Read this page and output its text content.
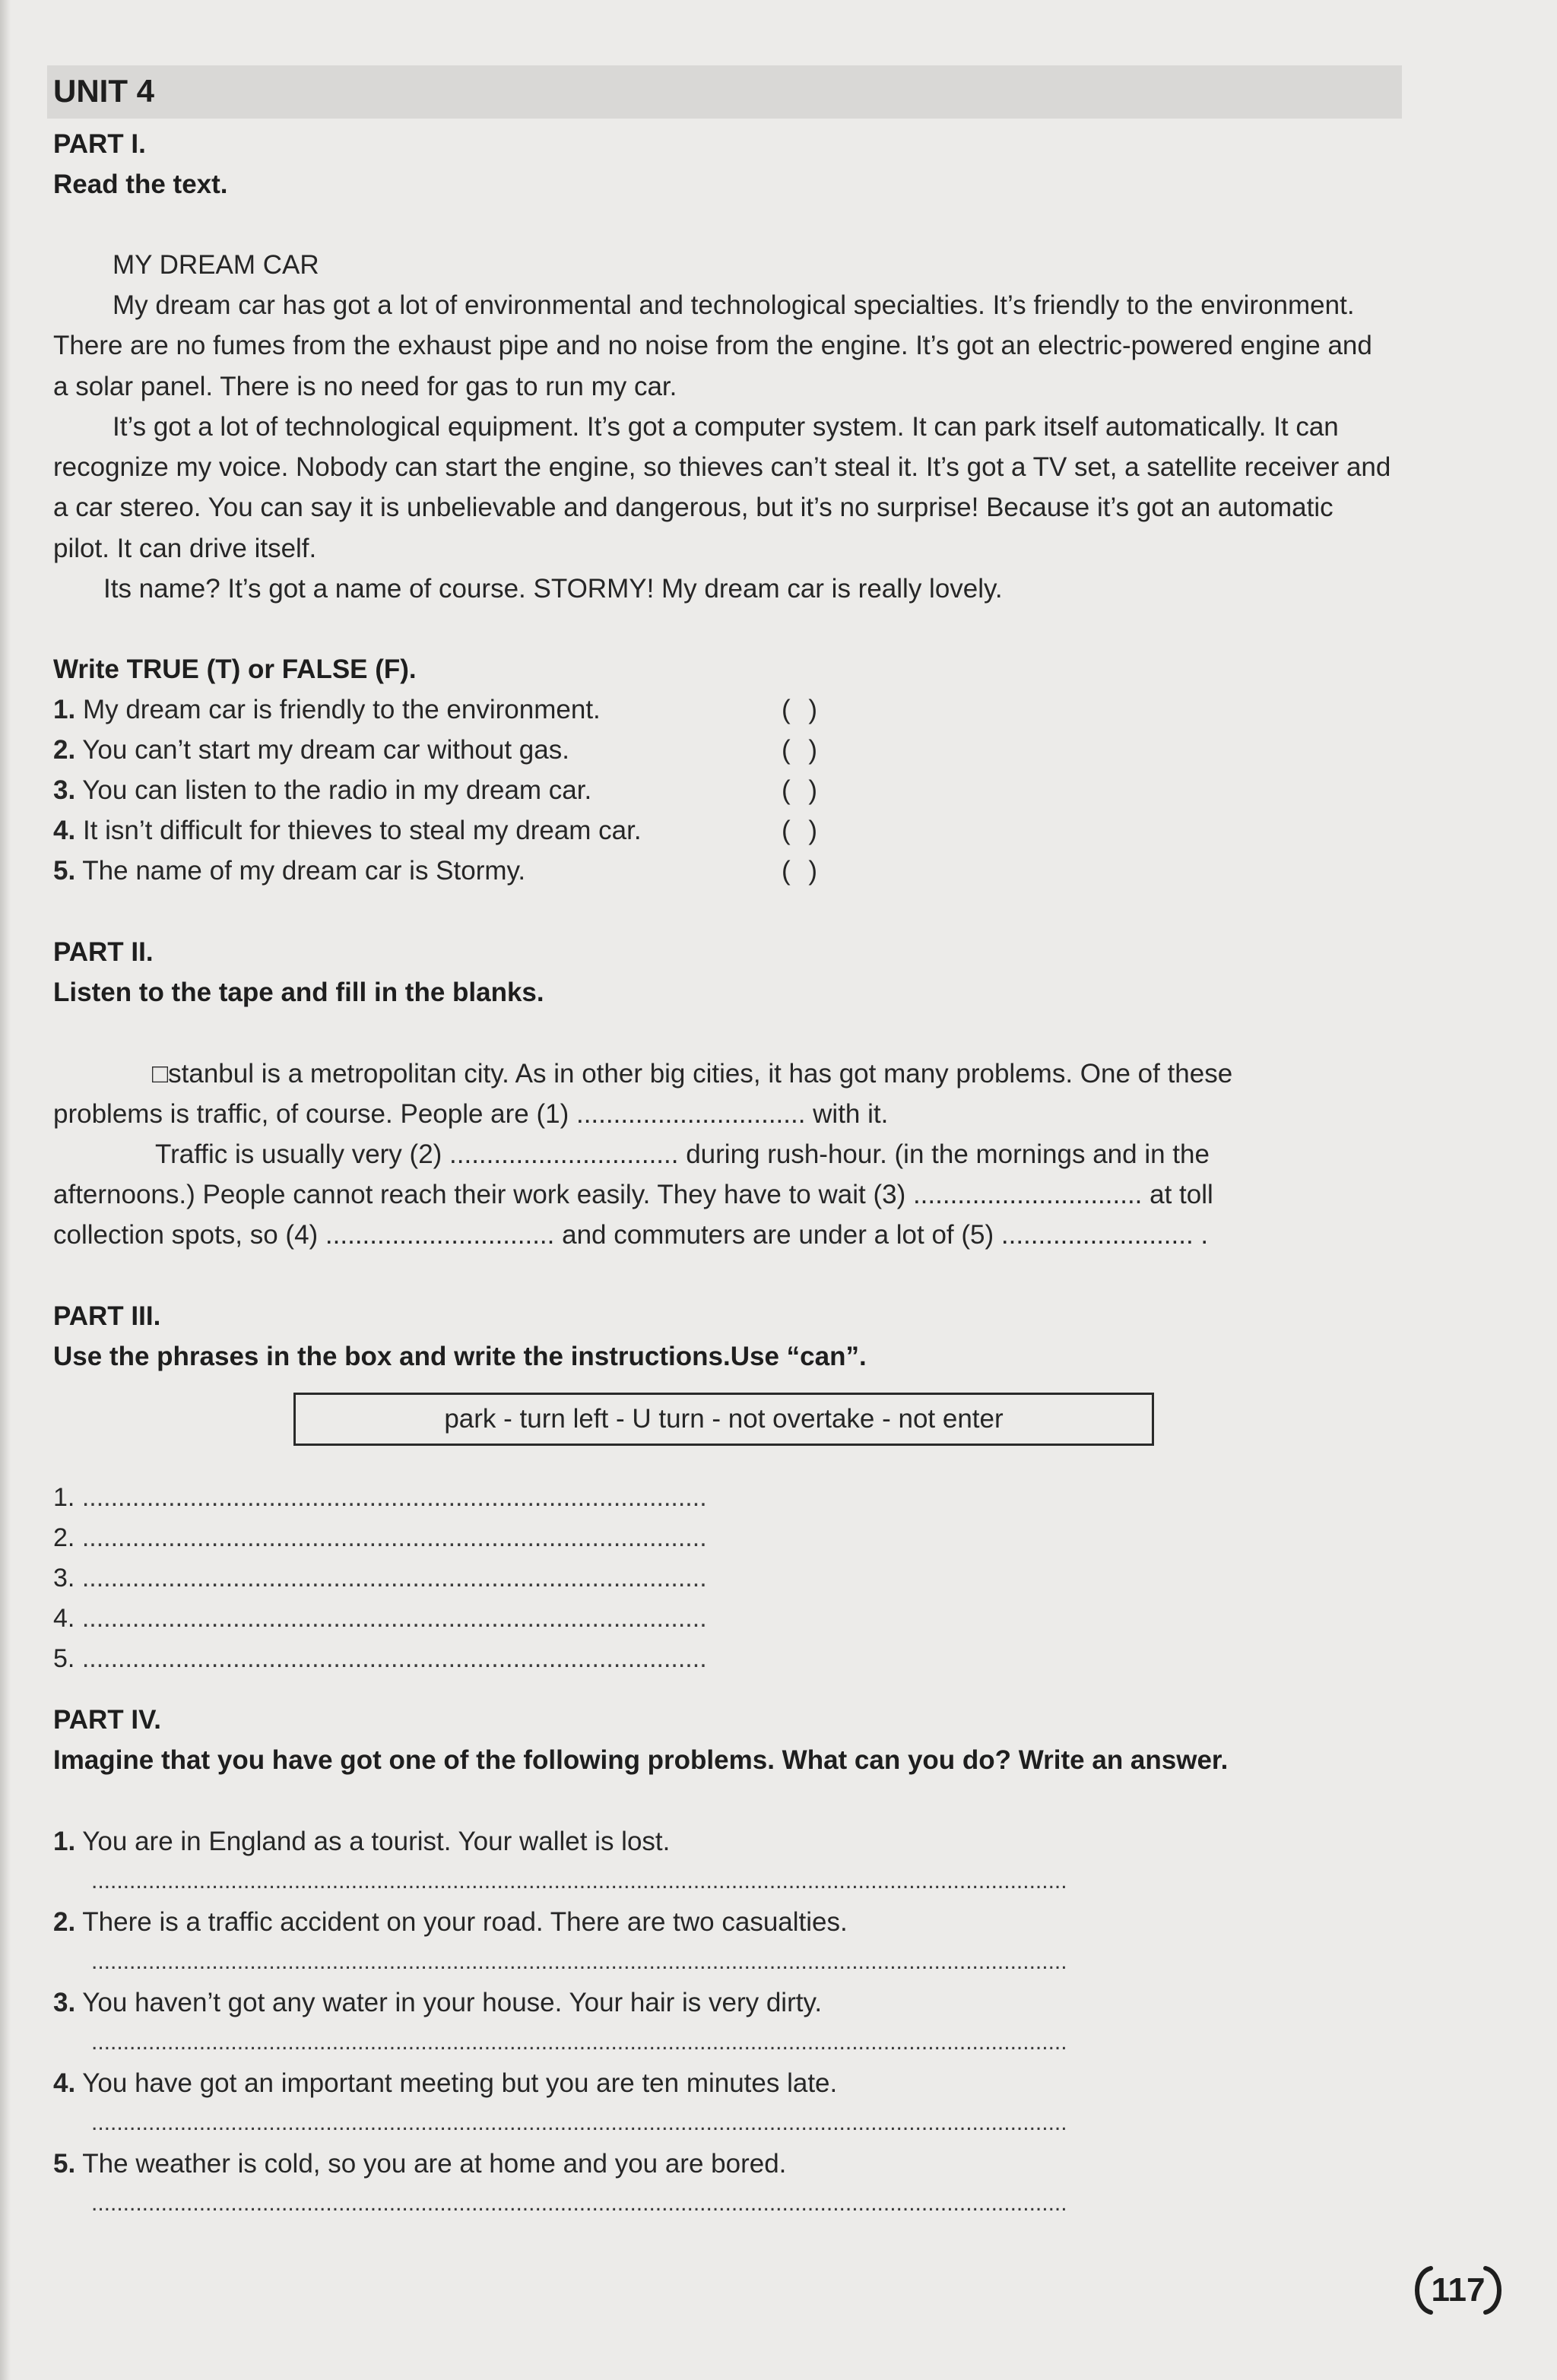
UNIT 4
PART I.
Read the text.
MY DREAM CAR

My dream car has got a lot of environmental and technological specialties. It’s friendly to the environment. There are no fumes from the exhaust pipe and no noise from the engine. It’s got an electric-powered engine and a solar panel. There is no need for gas to run my car.

It’s got a lot of technological equipment. It’s got a computer system. It can park itself automatically. It can recognize my voice. Nobody can start the engine, so thieves can’t steal it. It’s got a TV set, a satellite receiver and a car stereo. You can say it is unbelievable and dangerous, but it’s no surprise! Because it’s got an automatic pilot. It can drive itself.

Its name? It’s got a name of course. STORMY! My dream car is really lovely.

Write TRUE (T) or FALSE (F).
1. My dream car is friendly to the environment.	( )
2. You can’t start my dream car without gas.	( )
3. You can listen to the radio in my dream car.	( )
4. It isn’t difficult for thieves to steal my dream car.	( )
5. The name of my dream car is Stormy.	( )
PART II.
Listen to the tape and fill in the blanks.
□stanbul is a metropolitan city. As in other big cities, it has got many problems. One of these
problems is traffic, of course. People are (1) ............................... with it.
Traffic is usually very (2) ............................... during rush-hour. (in the mornings and in the
afternoons.) People cannot reach their work easily. They have to wait (3) ............................... at toll
collection spots, so (4) ............................... and commuters are under a lot of (5) .......................... .
PART III.
Use the phrases in the box and write the instructions.Use “can”.
park - turn left - U turn - not overtake - not enter
1. .......................................................................................
2. .......................................................................................
3. .......................................................................................
4. .......................................................................................
5. .......................................................................................
PART IV.
Imagine that you have got one of the following problems. What can you do? Write an answer.
1. You are in England as a tourist. Your wallet is lost.
..........................................................................................................................................................
2. There is a traffic accident on your road. There are two casualties.
..........................................................................................................................................................
3. You haven’t got any water in your house. Your hair is very dirty.
..........................................................................................................................................................
4. You have got an important meeting but you are ten minutes late.
..........................................................................................................................................................
5. The weather is cold, so you are at home and you are bored.
..........................................................................................................................................................
117
